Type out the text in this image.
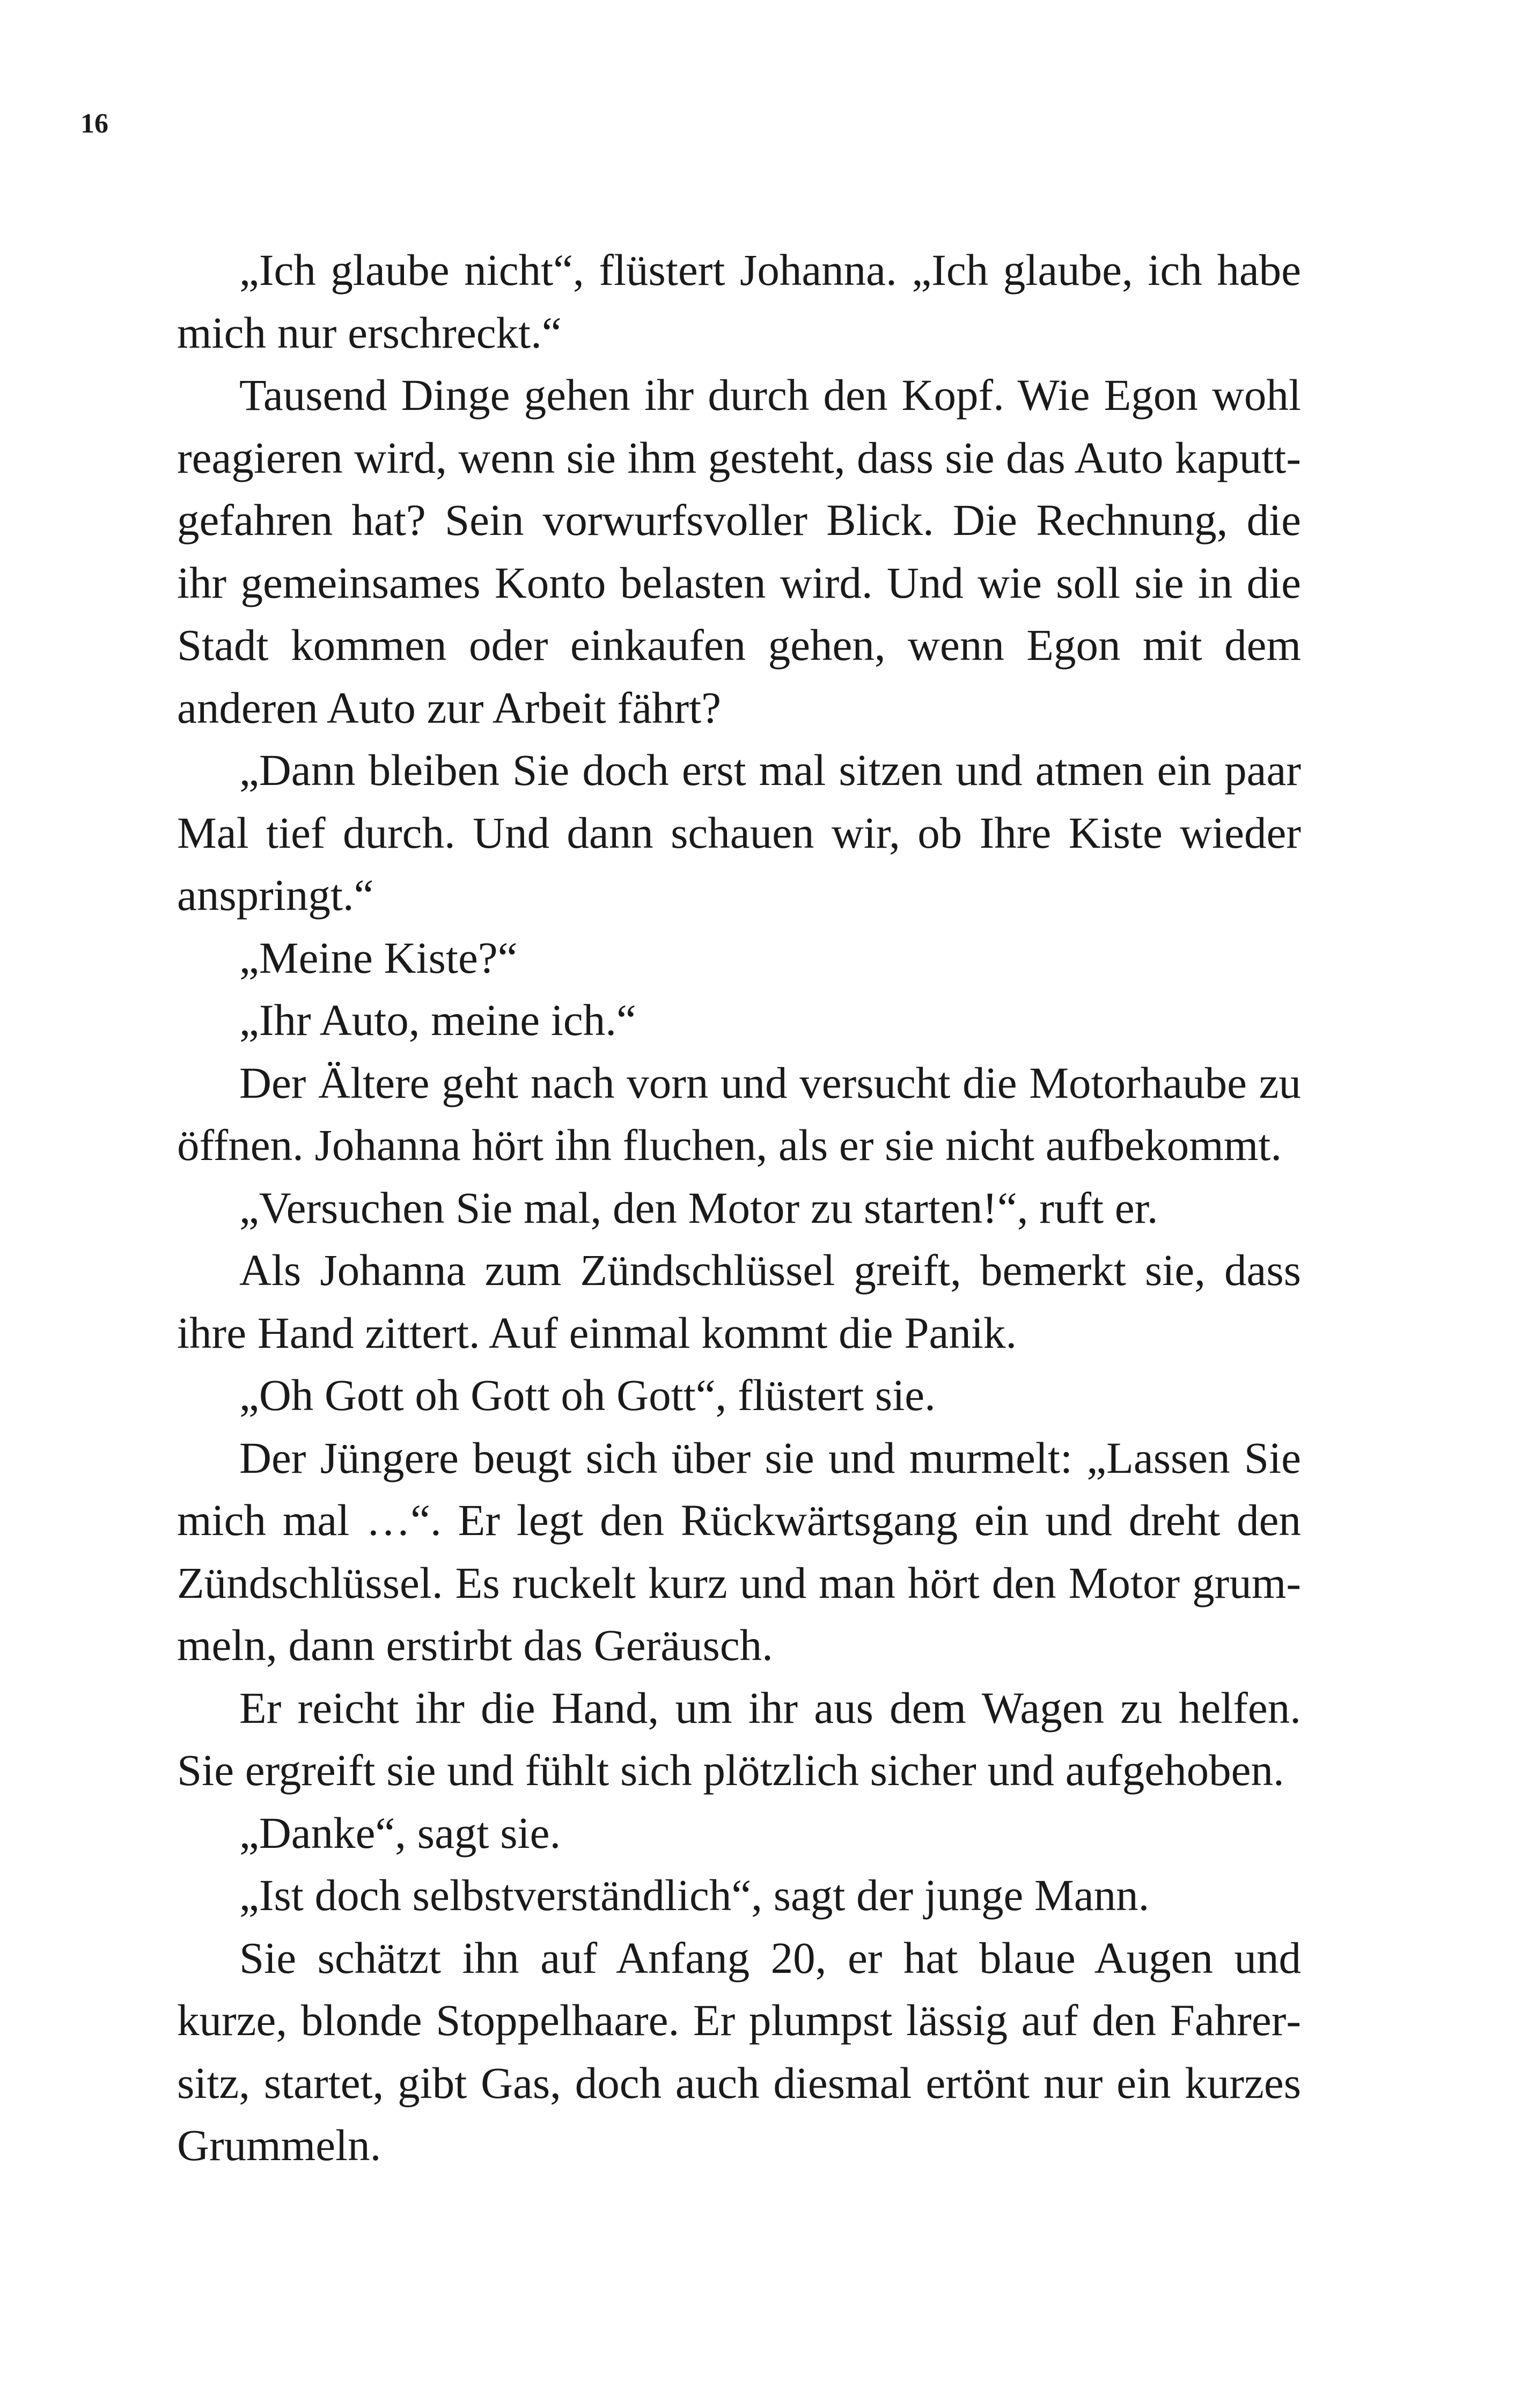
16

„Ich glaube nicht“, flüstert Johanna. „Ich glaube, ich habe mich nur erschreckt.“

Tausend Dinge gehen ihr durch den Kopf. Wie Egon wohl reagieren wird, wenn sie ihm gesteht, dass sie das Auto kaputtgefahren hat? Sein vorwurfsvoller Blick. Die Rechnung, die ihr gemeinsames Konto belasten wird. Und wie soll sie in die Stadt kommen oder einkaufen gehen, wenn Egon mit dem anderen Auto zur Arbeit fährt?

„Dann bleiben Sie doch erst mal sitzen und atmen ein paar Mal tief durch. Und dann schauen wir, ob Ihre Kiste wieder anspringt.“

„Meine Kiste?“

„Ihr Auto, meine ich.“

Der Ältere geht nach vorn und versucht die Motorhaube zu öffnen. Johanna hört ihn fluchen, als er sie nicht aufbekommt.

„Versuchen Sie mal, den Motor zu starten!“, ruft er.

Als Johanna zum Zündschlüssel greift, bemerkt sie, dass ihre Hand zittert. Auf einmal kommt die Panik.

„Oh Gott oh Gott oh Gott“, flüstert sie.

Der Jüngere beugt sich über sie und murmelt: „Lassen Sie mich mal …“. Er legt den Rückwärtsgang ein und dreht den Zündschlüssel. Es ruckelt kurz und man hört den Motor grummeln, dann erstirbt das Geräusch.

Er reicht ihr die Hand, um ihr aus dem Wagen zu helfen. Sie ergreift sie und fühlt sich plötzlich sicher und aufgehoben.

„Danke“, sagt sie.

„Ist doch selbstverständlich“, sagt der junge Mann.

Sie schätzt ihn auf Anfang 20, er hat blaue Augen und kurze, blonde Stoppelhaare. Er plumpst lässig auf den Fahrersitz, startet, gibt Gas, doch auch diesmal ertönt nur ein kurzes Grummeln.
